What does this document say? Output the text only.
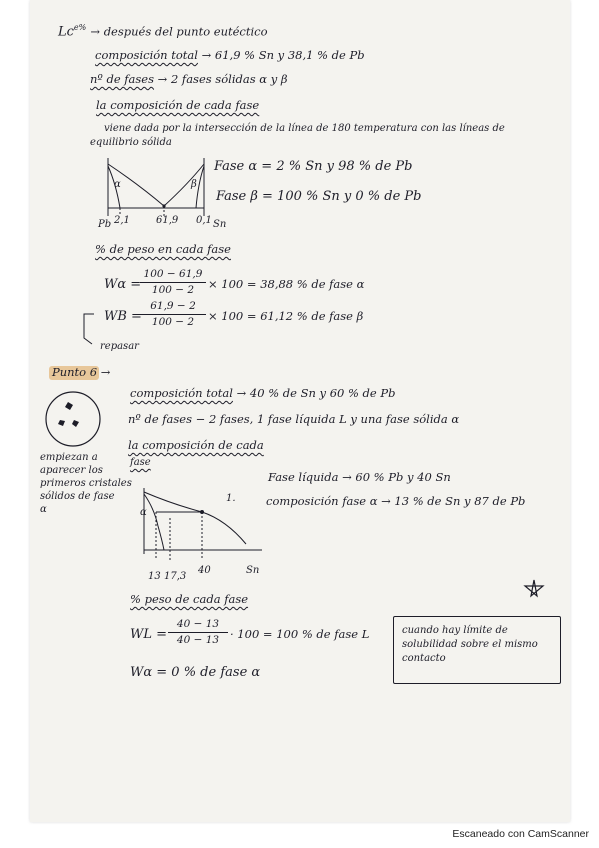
$Lc^{e\%}$ → después del punto eutéctico
composición total → 61,9 % Sn y 38,1 % de Pb
nº de fases → 2 fases sólidas α y β
la composición de cada fase
viene dada por la intersección de la línea de 180 temperatura con las líneas de
equilibrio sólida
α	β
Pb 2,1	61,9 0,1 Sn
Fase α = 2 % Sn y 98 % de Pb
Fase β = 100 % Sn y 0 % de Pb
% de peso en cada fase
Wα =
100 − 61,9
100 − 2	× 100 = 38,88 % de fase α
WB =
61,9 − 2
100 − 2	× 100 = 61,12 % de fase β
repasar
Punto 6 →
empiezan a
aparecer los
primeros cristales
sólidos de fase
α
composición total → 40 % de Sn y 60 % de Pb
nº de fases − 2 fases, 1 fase líquida L y una fase sólida α
la composición de cada
fase
Fase líquida → 60 % Pb y 40 Sn
composición fase α → 13 % de Sn y 87 de Pb
α
1.
13 17,3
40	Sn
% peso de cada fase
WL =
40 − 13
40 − 13 · 100 = 100 % de fase L
Wα = 0 % de fase α
cuando hay límite de
solubilidad sobre el mismo
contacto
Escaneado con CamScanner
